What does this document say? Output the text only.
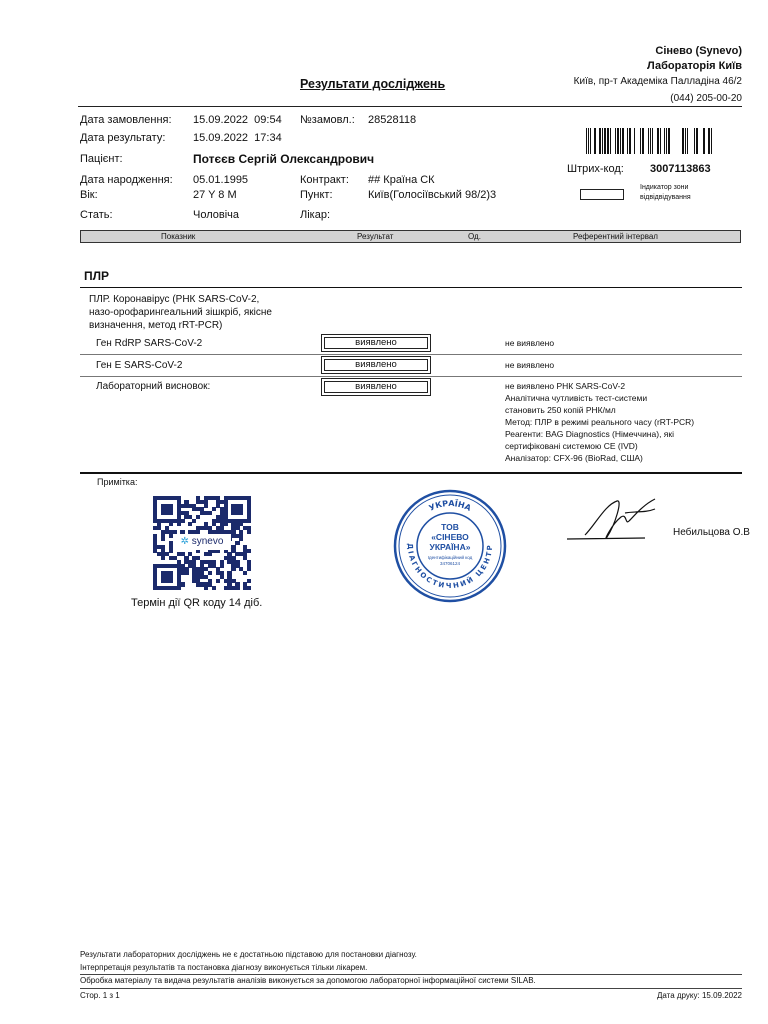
Сінево (Synevo)
Лабораторія Київ
Київ, пр-т Академіка Палладіна 46/2
(044) 205-00-20
Результати досліджень
Дата замовлення: 15.09.2022  09:54 №замовл.: 28528118
Дата результату:	15.09.2022  17:34
Штрих-код: 3007113863
Індикатор зони
відвідвідування
Пацієнт:	Потєєв Сергій Олександрович
Дата народження: 05.01.1995	Контракт: ## Країна СК
Вік:	27 Y 8 M	Пункт:	Київ(Голосіївський 98/2)3
Стать:	Чоловіча	Лікар:
Показник	Результат	Од.	Референтний інтервал
ПЛР
ПЛР. Коронавірус (РНК SARS-CoV-2,
назо-орофарингеальний зішкріб, якісне
визначення, метод rRT-PCR)
Ген RdRP SARS-CoV-2	виявлено	не виявлено
Ген E SARS-CoV-2	виявлено	не виявлено
Лабораторний висновок:	виявлено	не виявлено РНК SARS-CoV-2
Аналітична чутливість тест-системи
становить 250 копій РНК/мл
Метод: ПЛР в режимі реального часу (rRT-PCR)
Реагенти: BAG Diagnostics (Німеччина), які
сертифіковані системою CE (IVD)
Аналізатор: CFX-96 (BioRad, США)
Примітка:
✲ synevo
Термін дії QR коду 14 діб.
УКРАЇНА
ДІАГНОСТИЧНИЙ ЦЕНТР
ТОВ
«СІНЕВО
УКРАЇНА»
Ідентифікаційний код
34706124
Небильцова О.В
Результати лабораторних досліджень не є достатньою підставою для постановки діагнозу.
Інтерпретація результатів та постановка діагнозу виконується тільки лікарем.
Обробка матеріалу та видача результатів аналізів виконується за допомогою лабораторної інформаційної системи SILAB.
Стор. 1 з 1	Дата друку: 15.09.2022
